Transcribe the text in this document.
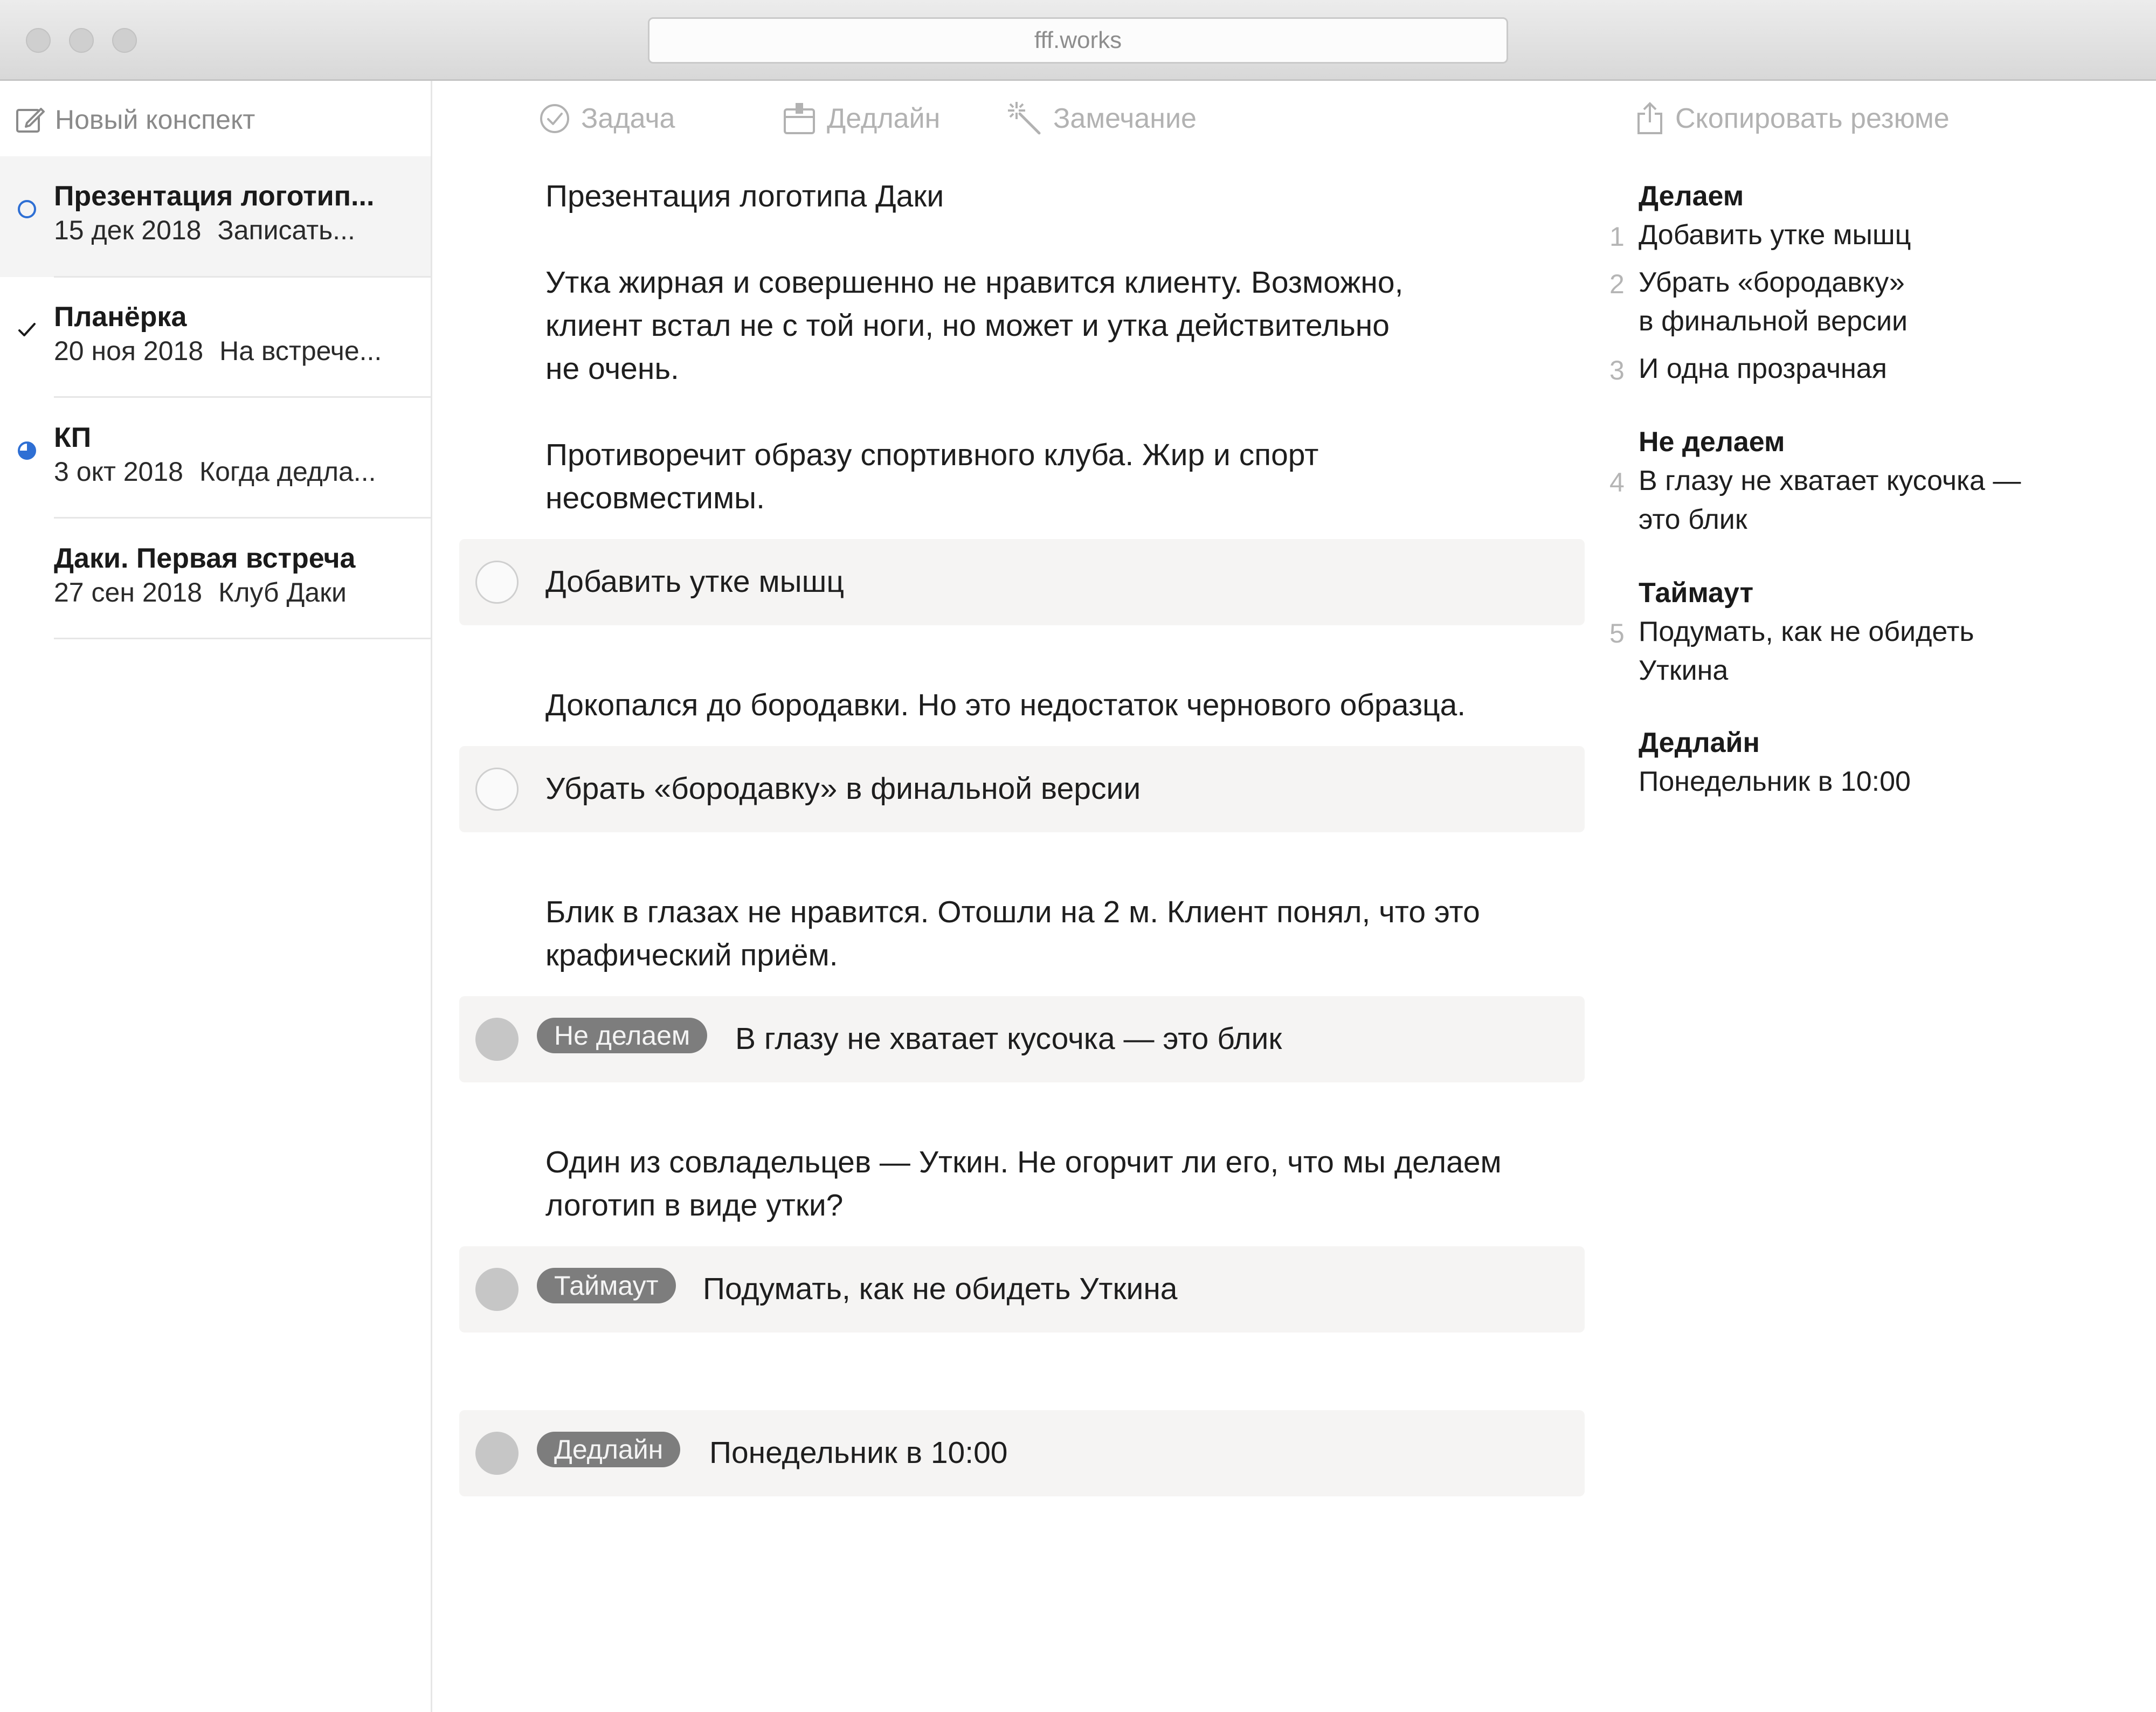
fff.works
Новый конспект
Презентация логотип...
15 дек 2018 Записать...
Планёрка
20 ноя 2018 На встрече...
КП
3 окт 2018 Когда дедла...
Даки. Первая встреча
27 сен 2018 Клуб Даки
Задача	Дедлайн	Замечание	Скопировать резюме
Презентация логотипа Даки
Утка жирная и совершенно не нравится клиенту. Возможно,
клиент встал не с той ноги, но может и утка действительно
не очень.
Противоречит образу спортивного клуба. Жир и спорт
несовместимы.
Добавить утке мышц
Докопался до бородавки. Но это недостаток чернового образца.
Убрать «бородавку» в финальной версии
Блик в глазах не нравится. Отошли на 2 м. Клиент понял, что это
крафический приём.
Не делаем	В глазу не хватает кусочка — это блик
Один из совладельцев — Уткин. Не огорчит ли его, что мы делаем
логотип в виде утки?
Таймаут	Подумать, как не обидеть Уткина
Дедлайн	Понедельник в 10:00
Делаем
1 Добавить утке мышц
2 Убрать «бородавку»
в финальной версии
3 И одна прозрачная
Не делаем
4 В глазу не хватает кусочка —
это блик
Таймаут
5 Подумать, как не обидеть
Уткина
Дедлайн
Понедельник в 10:00
